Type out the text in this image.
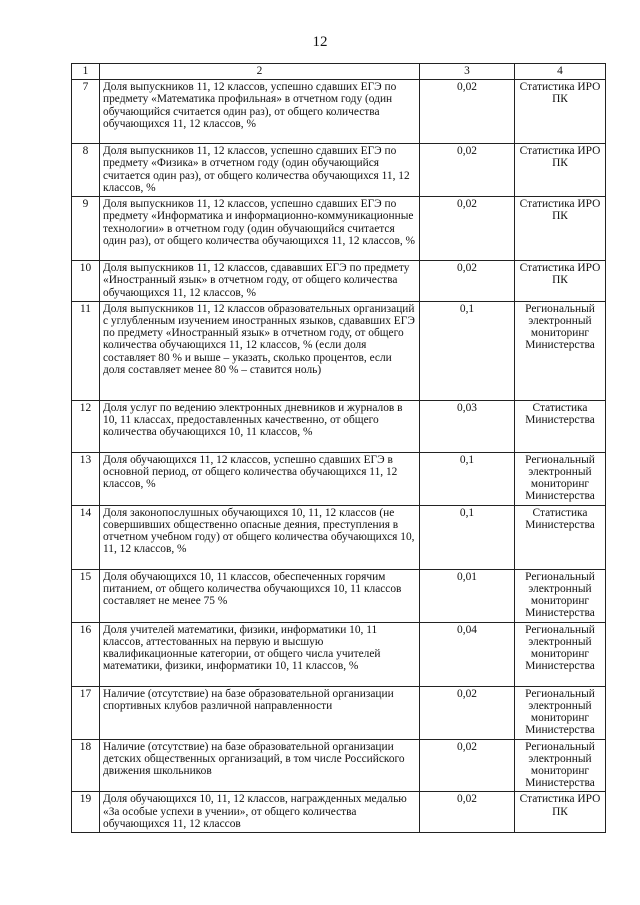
12
1	2	3	4
7	Доля выпускников 11, 12 классов, успешно сдавших ЕГЭ по предмету «Математика профильная» в отчетном году (один обучающийся считается один раз), от общего количества обучающихся 11, 12 классов, %	0,02	Статистика ИРО ПК
8	Доля выпускников 11, 12 классов, успешно сдавших ЕГЭ по предмету «Физика» в отчетном году (один обучающийся считается один раз), от общего количества обучающихся 11, 12 классов, %	0,02	Статистика ИРО ПК
9	Доля выпускников 11, 12 классов, успешно сдавших ЕГЭ по предмету «Информатика и информационно-коммуникационные технологии» в отчетном году (один обучающийся считается один раз), от общего количества обучающихся 11, 12 классов, %	0,02	Статистика ИРО ПК
10	Доля выпускников 11, 12 классов, сдававших ЕГЭ по предмету «Иностранный язык» в отчетном году, от общего количества обучающихся 11, 12 классов, %	0,02	Статистика ИРО ПК
11	Доля выпускников 11, 12 классов образовательных организаций с углубленным изучением иностранных языков, сдававших ЕГЭ по предмету «Иностранный язык» в отчетном году, от общего количества обучающихся 11, 12 классов, % (если доля составляет 80 % и выше – указать, сколько процентов, если доля составляет менее 80 % – ставится ноль)	0,1	Региональный электронный мониторинг Министерства
12	Доля услуг по ведению электронных дневников и журналов в 10, 11 классах, предоставленных качественно, от общего количества обучающихся 10, 11 классов, %	0,03	Статистика Министерства
13	Доля обучающихся 11, 12 классов, успешно сдавших ЕГЭ в основной период, от общего количества обучающихся 11, 12 классов, %	0,1	Региональный электронный мониторинг Министерства
14	Доля законопослушных обучающихся 10, 11, 12 классов (не совершивших общественно опасные деяния, преступления в отчетном учебном году) от общего количества обучающихся 10, 11, 12 классов, %	0,1	Статистика Министерства
15	Доля обучающихся 10, 11 классов, обеспеченных горячим питанием, от общего количества обучающихся 10, 11 классов составляет не менее 75 %	0,01	Региональный электронный мониторинг Министерства
16	Доля учителей математики, физики, информатики 10, 11 классов, аттестованных на первую и высшую квалификационные категории, от общего числа учителей математики, физики, информатики 10, 11 классов, %	0,04	Региональный электронный мониторинг Министерства
17	Наличие (отсутствие) на базе образовательной организации спортивных клубов различной направленности	0,02	Региональный электронный мониторинг Министерства
18	Наличие (отсутствие) на базе образовательной организации детских общественных организаций, в том числе Российского движения школьников	0,02	Региональный электронный мониторинг Министерства
19	Доля обучающихся 10, 11, 12 классов, награжденных медалью «За особые успехи в учении», от общего количества обучающихся 11, 12 классов	0,02	Статистика ИРО ПК
